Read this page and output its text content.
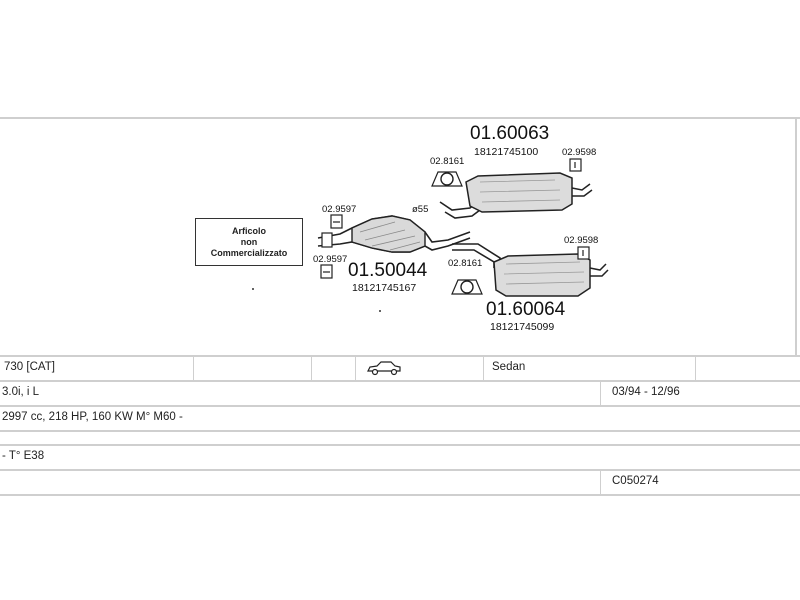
01.60063
18121745100
02.8161
02.9598
02.9597	ø55
02.9598
02.9597	02.8161
01.50044
18121745167
01.60064
18121745099
Arficolo
non
Commercializzato
730 [CAT]	Sedan
3.0i, i L	03/94 - 12/96
2997 cc, 218 HP, 160 KW M° M60 -
- T° E38
C050274
